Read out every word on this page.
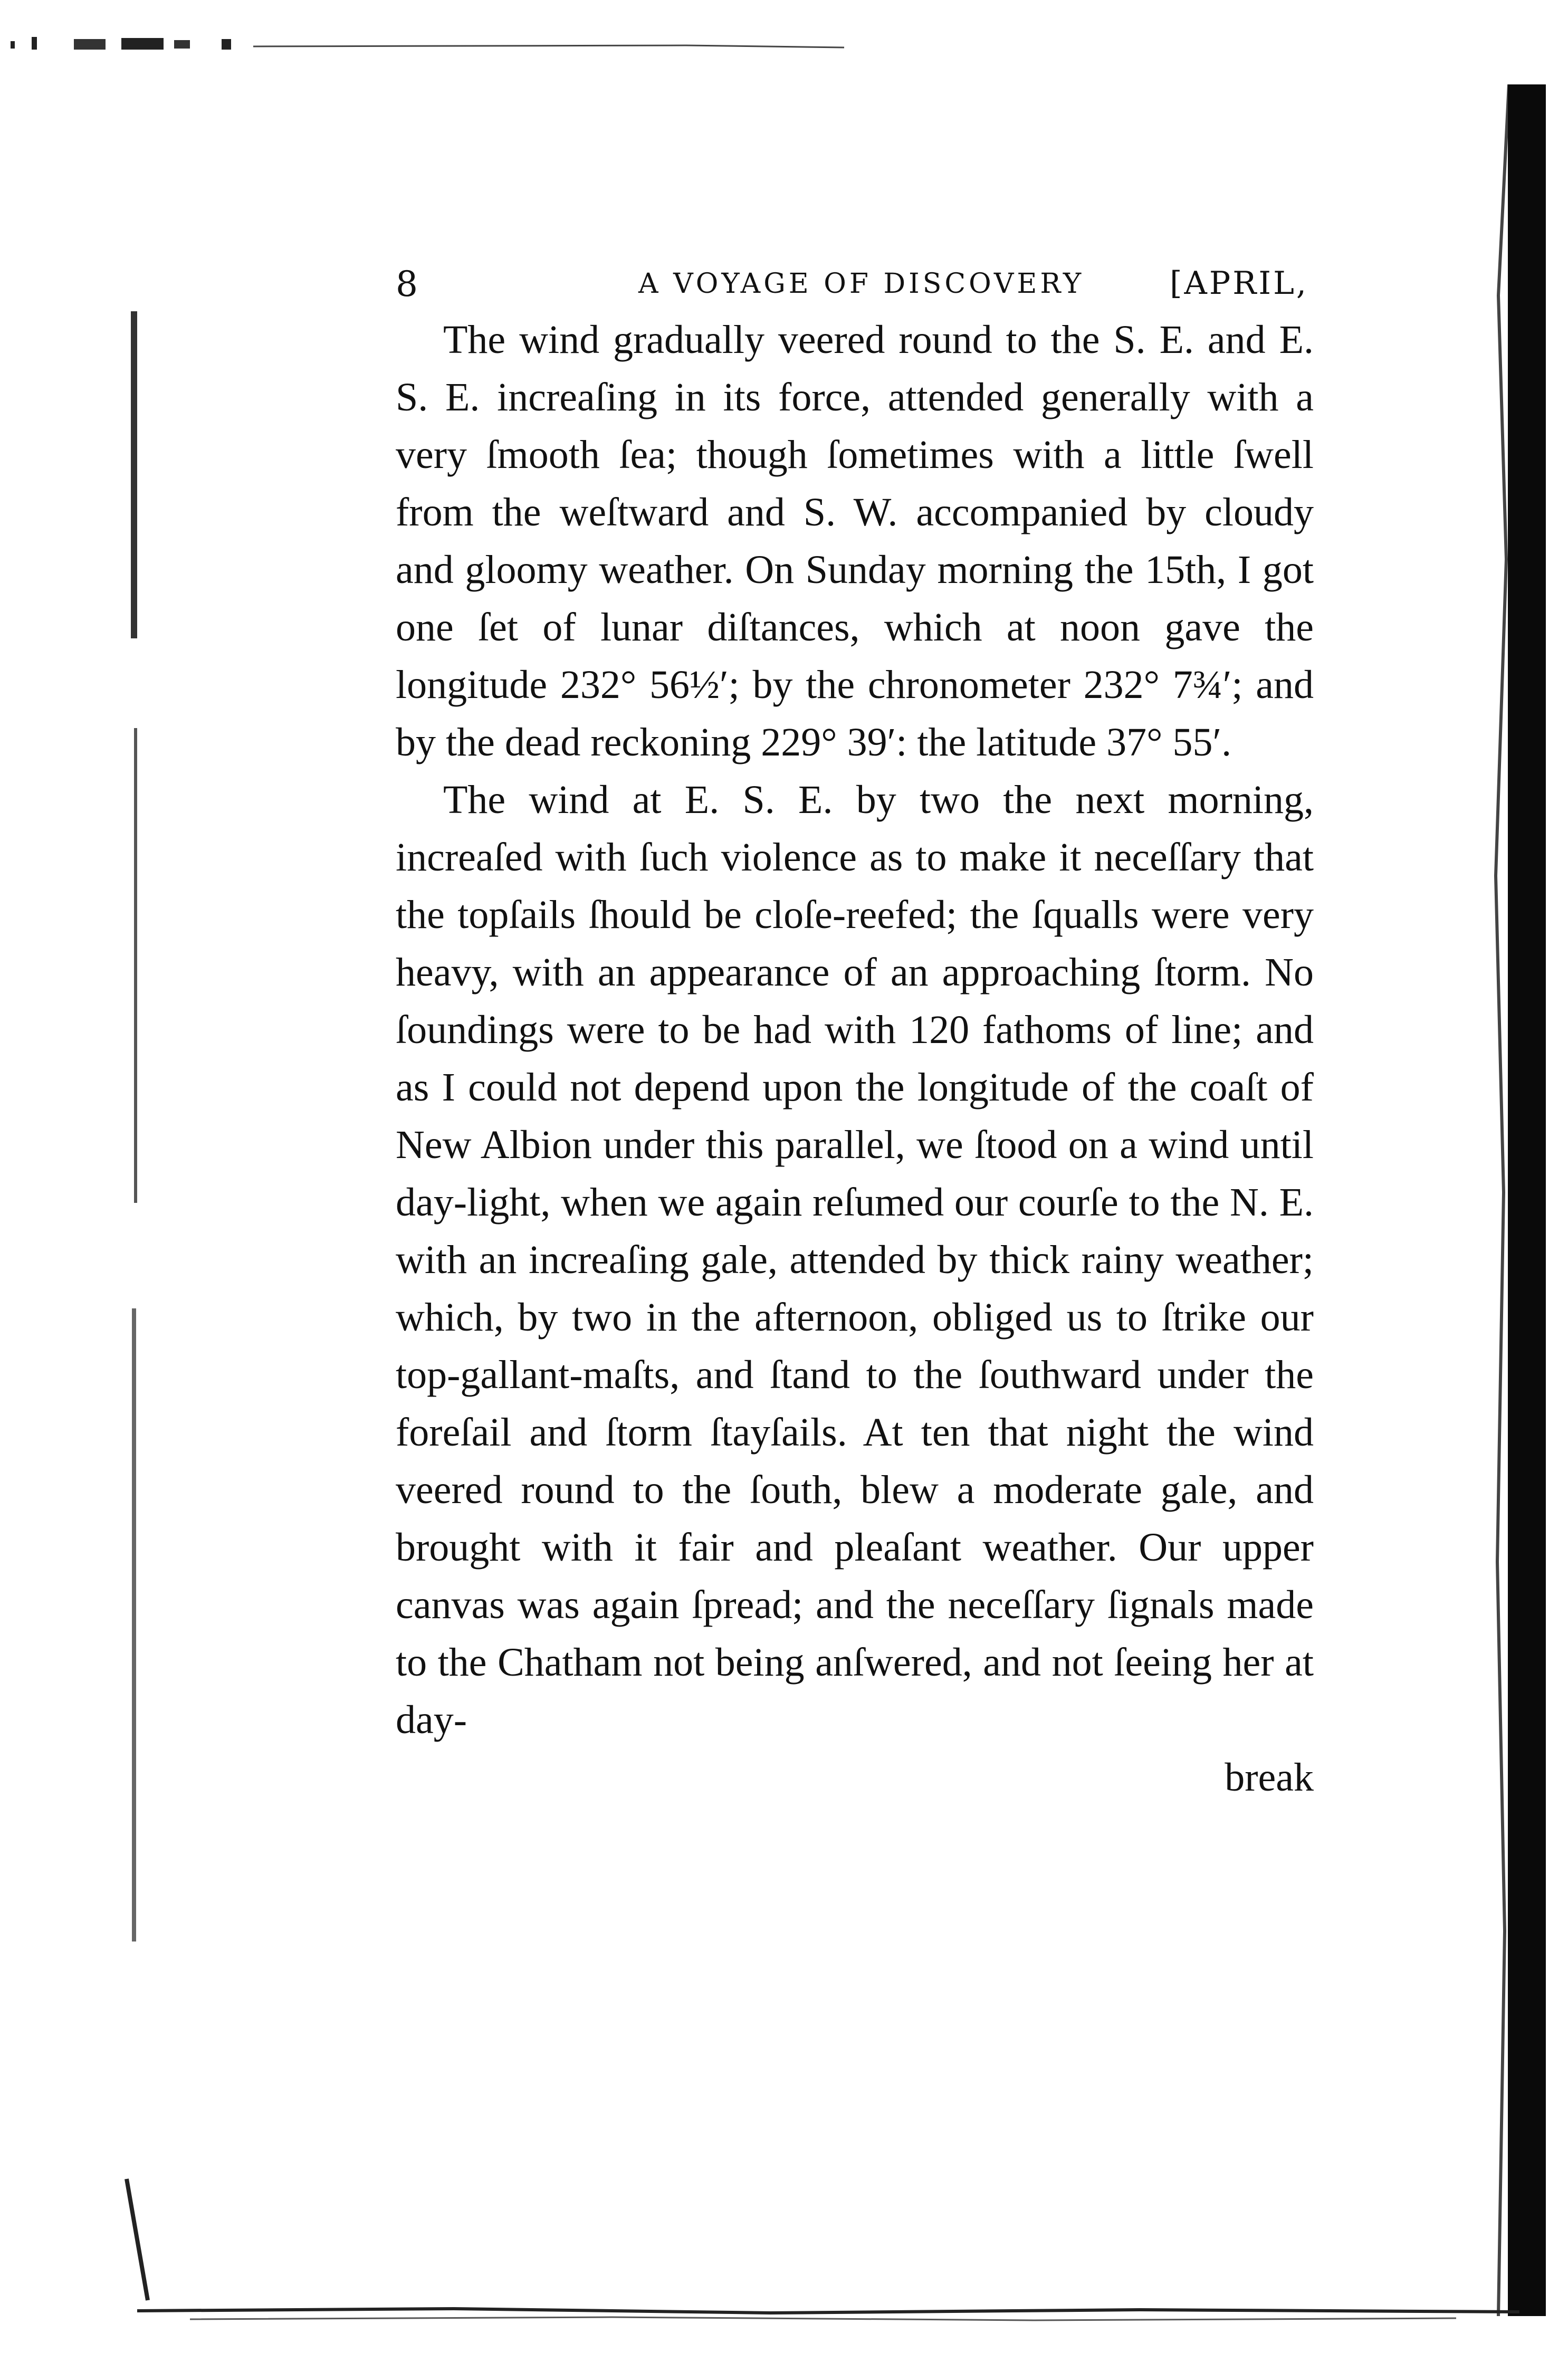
8	A VOYAGE OF DISCOVERY	[APRIL,

The wind gradually veered round to the S. E. and E. S. E. increaſing in its force, attended generally with a very ſmooth ſea; though ſometimes with a little ſwell from the weſtward and S. W. accompanied by cloudy and gloomy weather. On Sunday morning the 15th, I got one ſet of lunar diſtances, which at noon gave the longitude 232° 56½′; by the chronometer 232° 7¾′; and by the dead reckoning 229° 39′: the latitude 37° 55′.

The wind at E. S. E. by two the next morning, increaſed with ſuch violence as to make it neceſſary that the topſails ſhould be cloſe-reefed; the ſqualls were very heavy, with an appearance of an approaching ſtorm. No ſoundings were to be had with 120 fathoms of line; and as I could not depend upon the longitude of the coaſt of New Albion under this parallel, we ſtood on a wind until day-light, when we again reſumed our courſe to the N. E. with an increaſing gale, attended by thick rainy weather; which, by two in the afternoon, obliged us to ſtrike our top-gallant-maſts, and ſtand to the ſouthward under the foreſail and ſtorm ſtayſails. At ten that night the wind veered round to the ſouth, blew a moderate gale, and brought with it fair and pleaſant weather. Our upper canvas was again ſpread; and the neceſſary ſignals made to the Chatham not being anſwered, and not ſeeing her at day-

break
